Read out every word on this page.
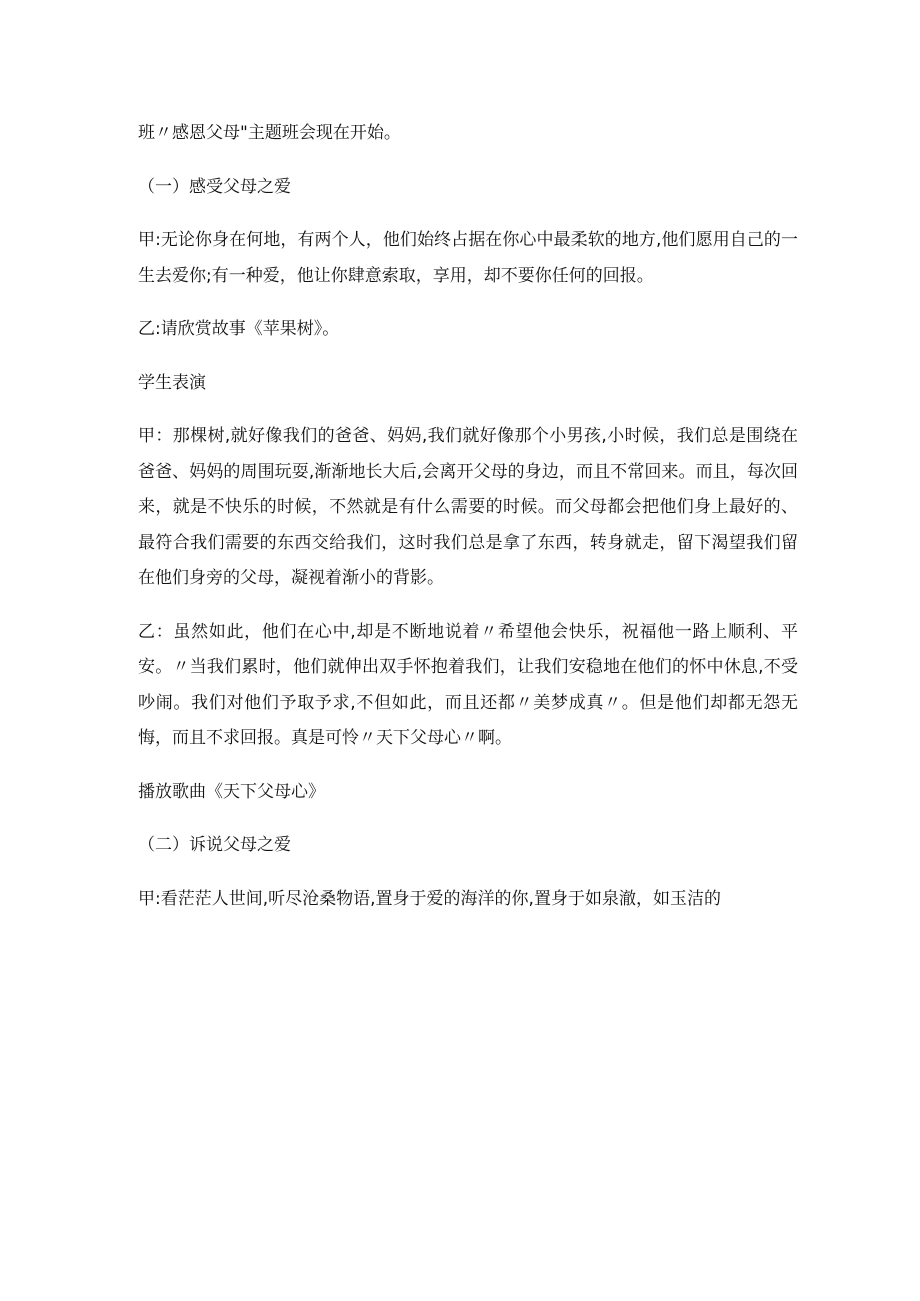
班〃感恩父母"主题班会现在开始。

（一）感受父母之爱

甲:无论你身在何地，有两个人，他们始终占据在你心中最柔软的地方,他们愿用自己的一生去爱你;有一种爱，他让你肆意索取，享用，却不要你任何的回报。

乙:请欣赏故事《苹果树》。

学生表演

甲：那棵树,就好像我们的爸爸、妈妈,我们就好像那个小男孩,小时候，我们总是围绕在爸爸、妈妈的周围玩耍,渐渐地长大后,会离开父母的身边，而且不常回来。而且，每次回来，就是不快乐的时候，不然就是有什么需要的时候。而父母都会把他们身上最好的、最符合我们需要的东西交给我们，这时我们总是拿了东西，转身就走，留下渴望我们留在他们身旁的父母，凝视着渐小的背影。

乙：虽然如此，他们在心中,却是不断地说着〃希望他会快乐，祝福他一路上顺利、平安。〃当我们累时，他们就伸出双手怀抱着我们，让我们安稳地在他们的怀中休息,不受吵闹。我们对他们予取予求,不但如此，而且还都〃美梦成真〃。但是他们却都无怨无悔，而且不求回报。真是可怜〃天下父母心〃啊。

播放歌曲《天下父母心》

（二）诉说父母之爱

甲:看茫茫人世间,听尽沧桑物语,置身于爱的海洋的你,置身于如泉澈，如玉洁的
